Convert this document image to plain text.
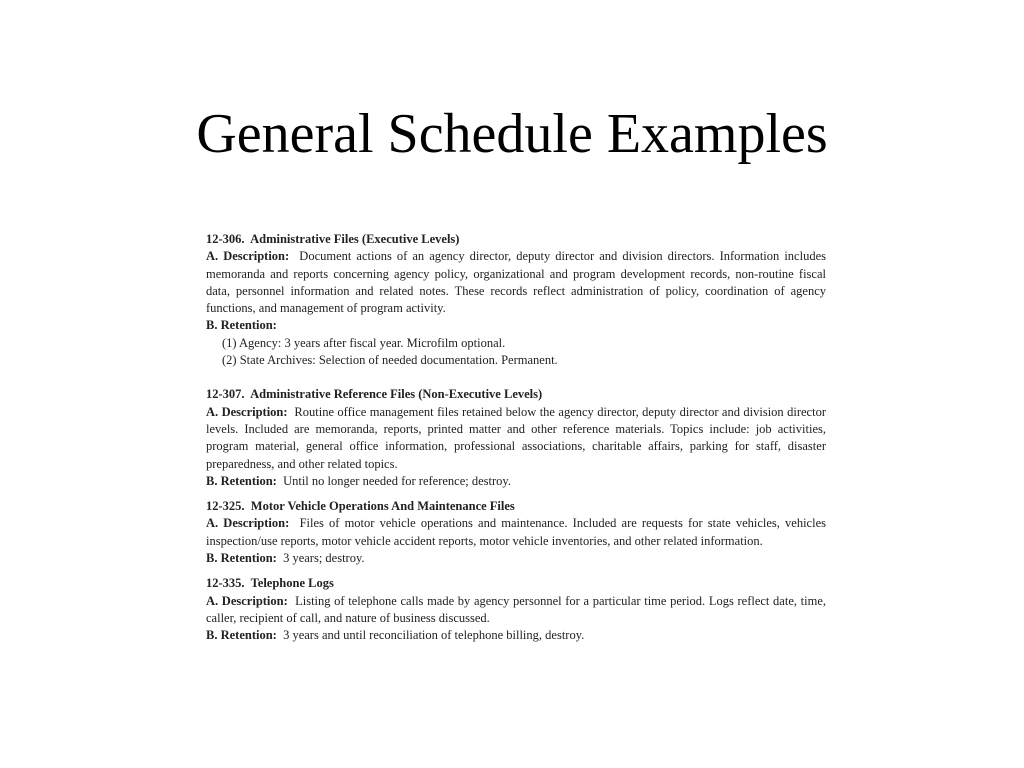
General Schedule Examples

12-306. Administrative Files (Executive Levels)

A. Description: Document actions of an agency director, deputy director and division directors. Information includes memoranda and reports concerning agency policy, organizational and program development records, non-routine fiscal data, personnel information and related notes. These records reflect administration of policy, coordination of agency functions, and management of program activity.

B. Retention:

(1) Agency: 3 years after fiscal year. Microfilm optional.
(2) State Archives: Selection of needed documentation. Permanent.

12-307. Administrative Reference Files (Non-Executive Levels)

A. Description: Routine office management files retained below the agency director, deputy director and division director levels. Included are memoranda, reports, printed matter and other reference materials. Topics include: job activities, program material, general office information, professional associations, charitable affairs, parking for staff, disaster preparedness, and other related topics.

B. Retention: Until no longer needed for reference; destroy.

12-325. Motor Vehicle Operations And Maintenance Files

A. Description: Files of motor vehicle operations and maintenance. Included are requests for state vehicles, vehicles inspection/use reports, motor vehicle accident reports, motor vehicle inventories, and other related information.

B. Retention: 3 years; destroy.

12-335. Telephone Logs

A. Description: Listing of telephone calls made by agency personnel for a particular time period. Logs reflect date, time, caller, recipient of call, and nature of business discussed.

B. Retention: 3 years and until reconciliation of telephone billing, destroy.
